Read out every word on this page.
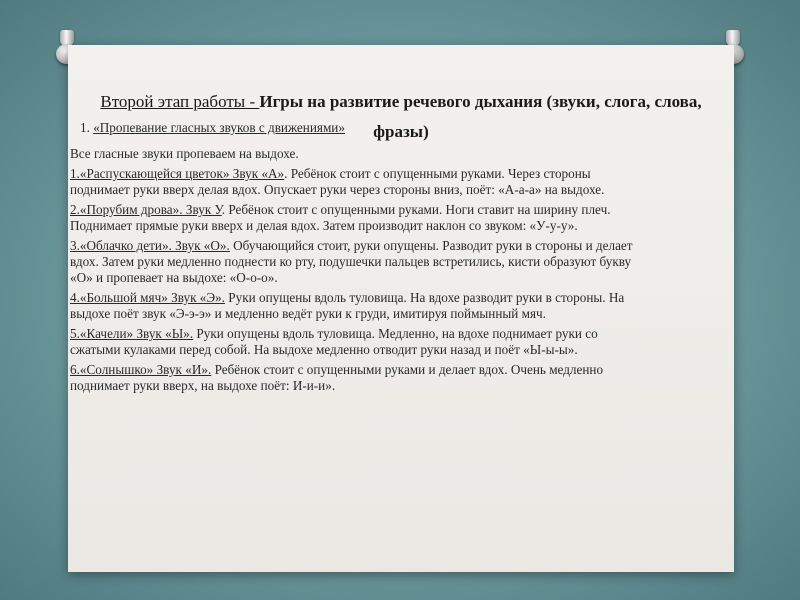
Второй этап работы - Игры на развитие речевого дыхания (звуки, слога, слова, фразы)
1. «Пропевание гласных звуков с движениями»

Все гласные звуки пропеваем на выдохе.

1.«Распускающейся цветок» Звук «А». Ребёнок стоит с опущенными руками. Через стороны поднимает руки вверх делая вдох. Опускает руки через стороны вниз, поёт: «А-а-а» на выдохе.

2.«Порубим дрова». Звук У. Ребёнок стоит с опущенными руками. Ноги ставит на ширину плеч. Поднимает прямые руки вверх и делая вдох. Затем производит наклон со звуком: «У-у-у».

3.«Облачко дети». Звук «О». Обучающийся стоит, руки опущены. Разводит руки в стороны и делает вдох. Затем руки медленно поднести ко рту, подушечки пальцев встретились, кисти образуют букву «О» и пропевает на выдохе: «О-о-о».

4.«Большой мяч» Звук «Э». Руки опущены вдоль туловища. На вдохе разводит руки в стороны. На выдохе поёт звук «Э-э-э» и медленно ведёт руки к груди, имитируя поймынный мяч.

5.«Качели» Звук «Ы». Руки опущены вдоль туловища. Медленно, на вдохе поднимает руки со сжатыми кулаками перед собой. На выдохе медленно отводит руки назад и поёт «Ы-ы-ы».

6.«Солнышко» Звук «И». Ребёнок стоит с опущенными руками и делает вдох. Очень медленно поднимает руки вверх, на выдохе поёт: И-и-и».
